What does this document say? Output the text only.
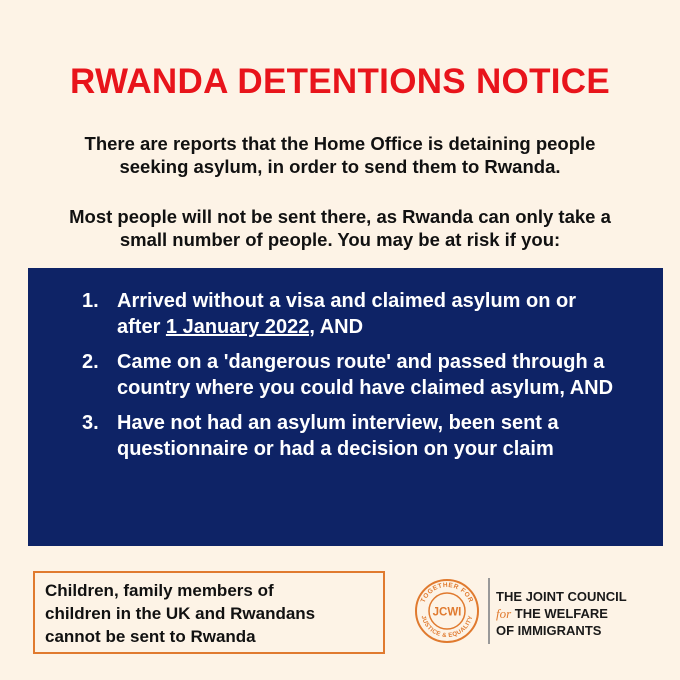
RWANDA DETENTIONS NOTICE
There are reports that the Home Office is detaining people
seeking asylum, in order to send them to Rwanda.
Most people will not be sent there, as Rwanda can only take a
small number of people. You may be at risk if you:
1. Arrived without a visa and claimed asylum on or after 1 January 2022, AND
2. Came on a 'dangerous route' and passed through a country where you could have claimed asylum, AND
3. Have not had an asylum interview, been sent a questionnaire or had a decision on your claim
Children, family members of
children in the UK and Rwandans
cannot be sent to Rwanda
TOGETHER FOR
JUSTICE & EQUALITY
JCWI
THE JOINT COUNCIL
for THE WELFARE
OF IMMIGRANTS
